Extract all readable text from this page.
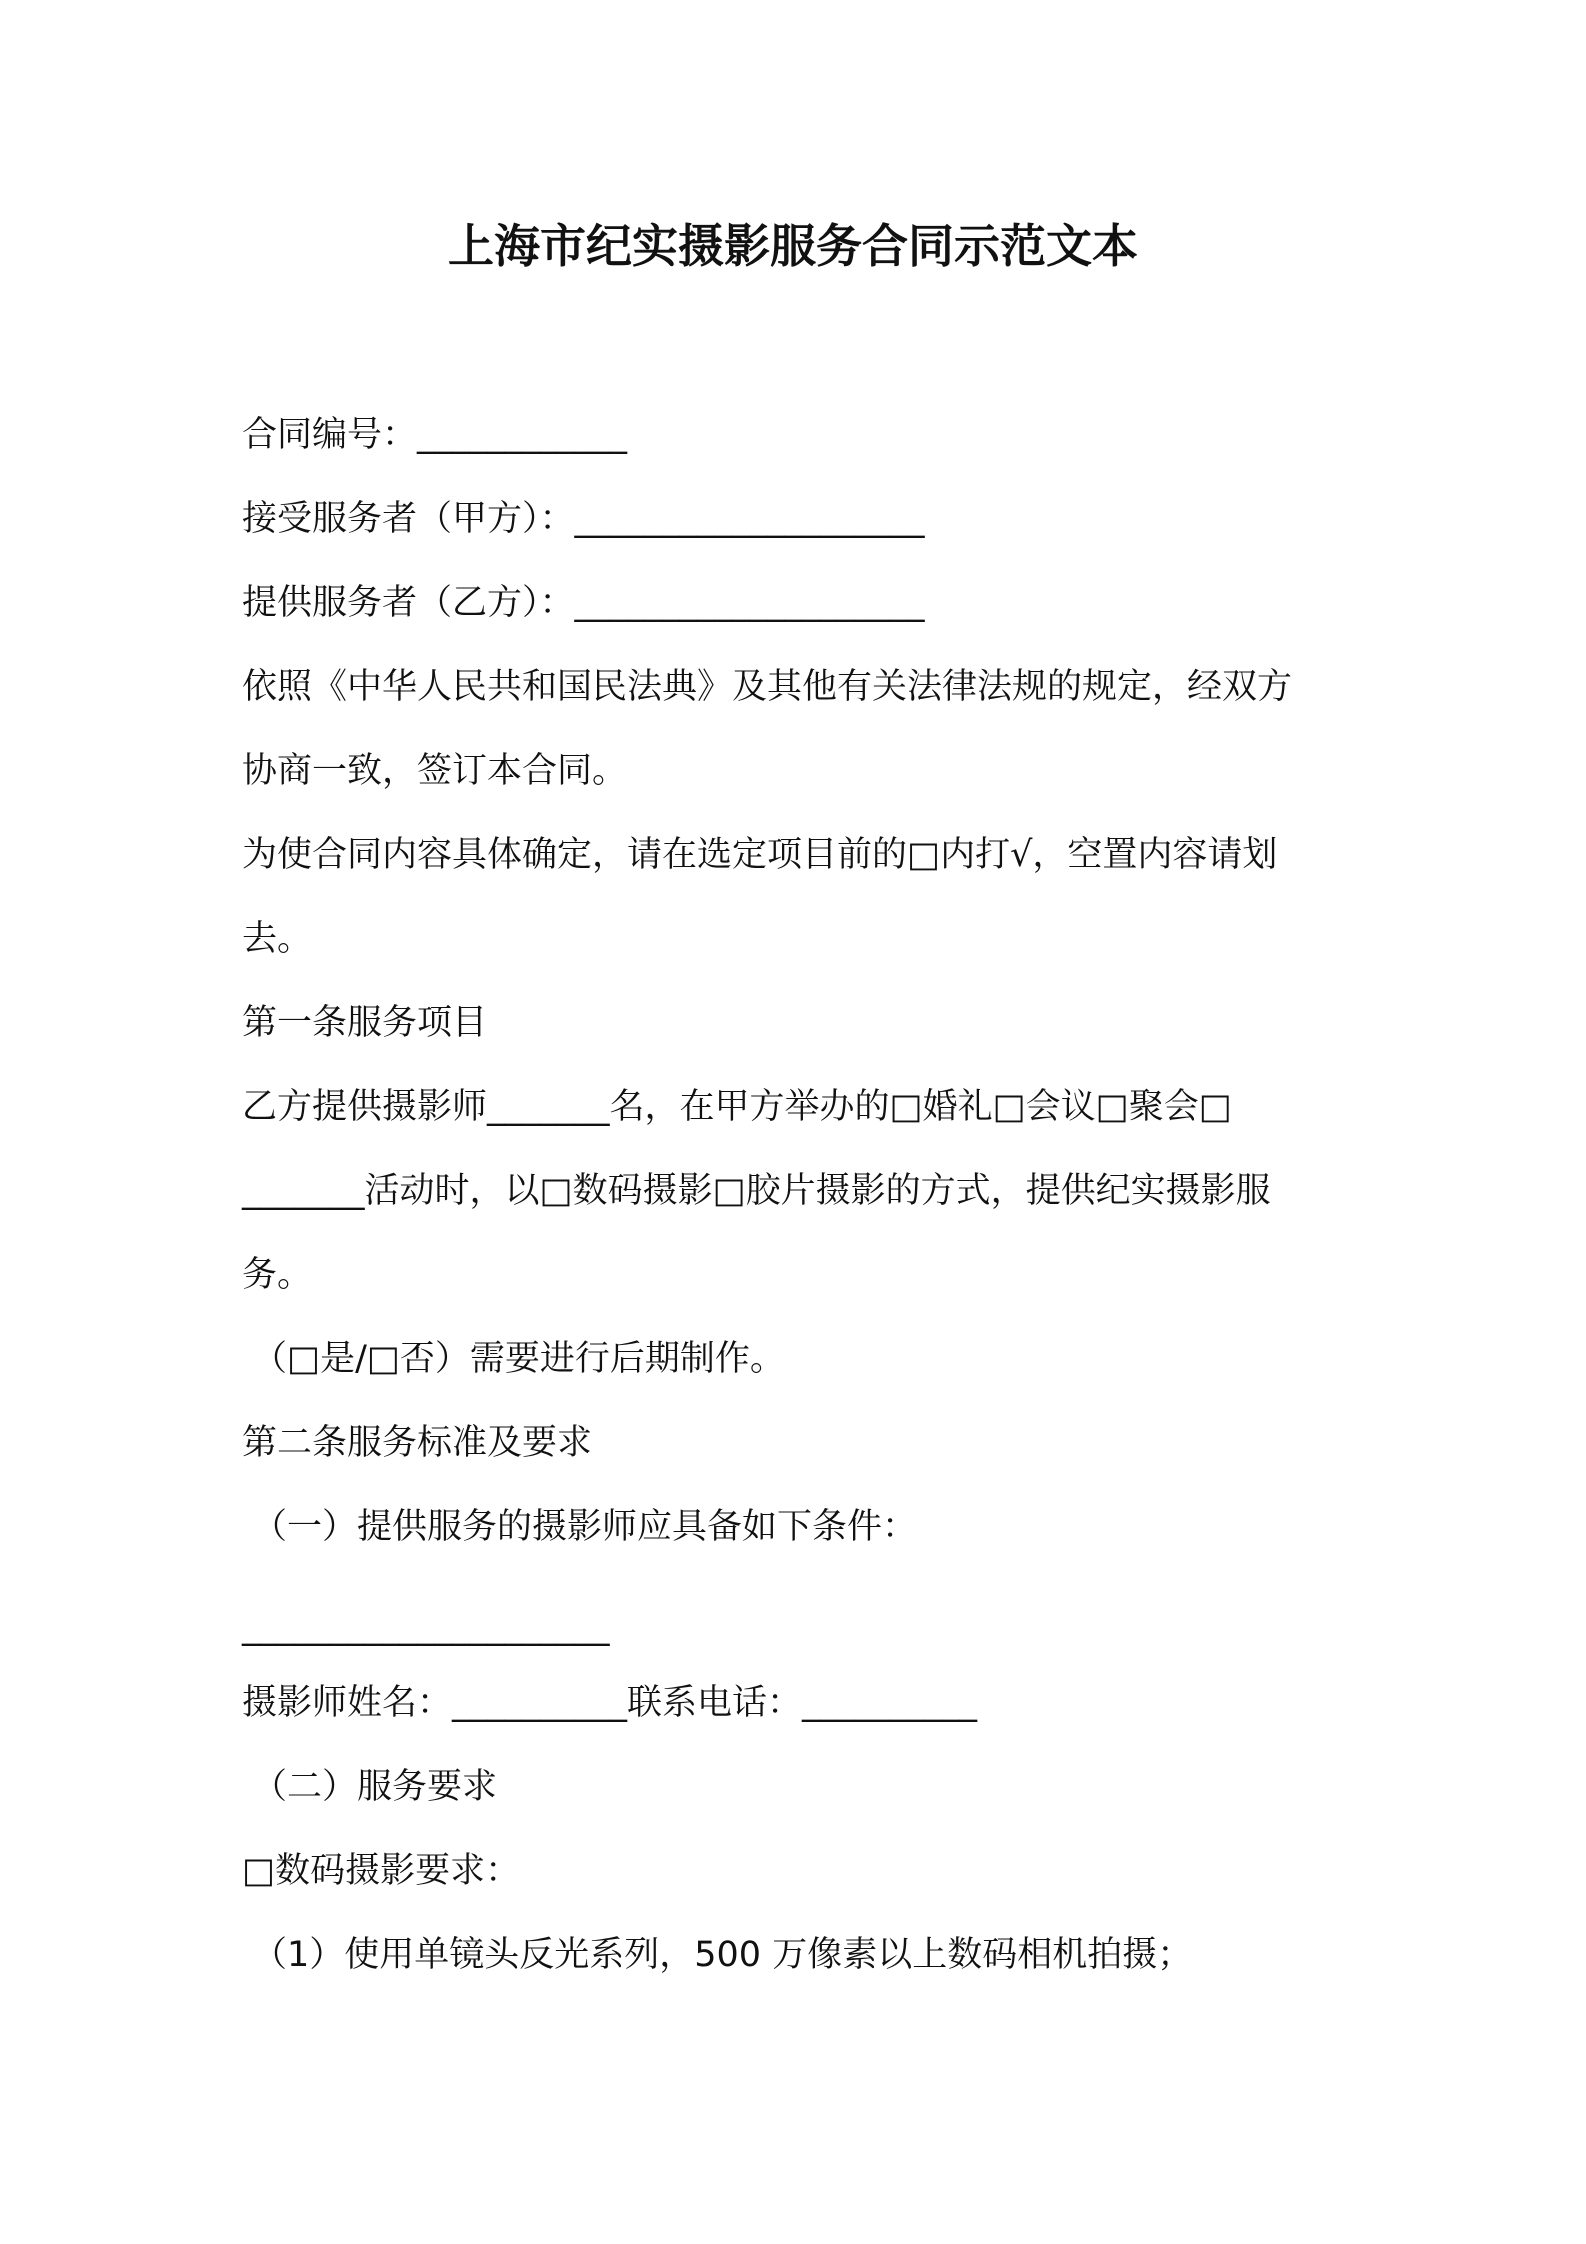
上海市纪实摄影服务合同示范文本
合同编号：____________
接受服务者（甲方）：____________________
提供服务者（乙方）：____________________
依照《中华人民共和国民法典》及其他有关法律法规的规定，经双方
协商一致，签订本合同。
为使合同内容具体确定，请在选定项目前的□内打√，空置内容请划
去。
第一条服务项目
乙方提供摄影师_______名，在甲方举办的□婚礼□会议□聚会□
_______活动时，以□数码摄影□胶片摄影的方式，提供纪实摄影服
务。
（□是/□否）需要进行后期制作。
第二条服务标准及要求
（一）提供服务的摄影师应具备如下条件：
_____________________
摄影师姓名：__________联系电话：__________
（二）服务要求
□数码摄影要求：
（1）使用单镜头反光系列，500 万像素以上数码相机拍摄；
